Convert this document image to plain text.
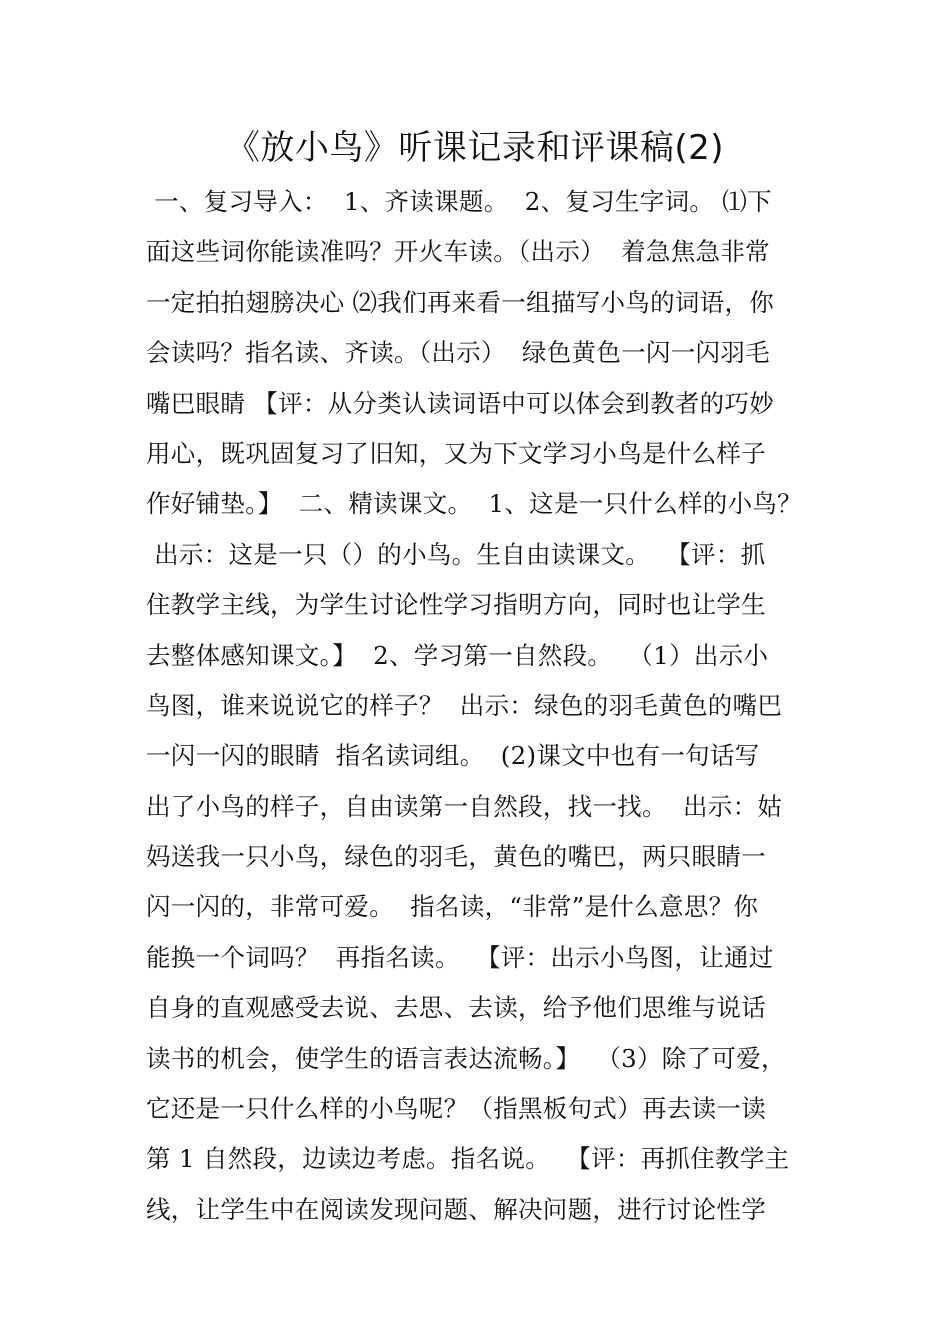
《放小鸟》听课记录和评课稿(2)
一、复习导入：  1、齐读课题。  2、复习生字词。 ⑴下
面这些词你能读准吗？开火车读。（出示）  着急焦急非常
一定拍拍翅膀决心 ⑵我们再来看一组描写小鸟的词语，你
会读吗？指名读、齐读。（出示）  绿色黄色一闪一闪羽毛
嘴巴眼睛 【评：从分类认读词语中可以体会到教者的巧妙
用心，既巩固复习了旧知，又为下文学习小鸟是什么样子
作好铺垫。】  二、精读课文。  1、这是一只什么样的小鸟？
出示：这是一只（）的小鸟。生自由读课文。  【评：抓
住教学主线，为学生讨论性学习指明方向，同时也让学生
去整体感知课文。】  2、学习第一自然段。  （1）出示小
鸟图，谁来说说它的样子？  出示：绿色的羽毛黄色的嘴巴
一闪一闪的眼睛  指名读词组。  (2)课文中也有一句话写
出了小鸟的样子，自由读第一自然段，找一找。  出示：姑
妈送我一只小鸟，绿色的羽毛，黄色的嘴巴，两只眼睛一
闪一闪的，非常可爱。  指名读，“非常”是什么意思？你
能换一个词吗？  再指名读。  【评：出示小鸟图，让通过
自身的直观感受去说、去思、去读，给予他们思维与说话
读书的机会，使学生的语言表达流畅。】  （3）除了可爱，
它还是一只什么样的小鸟呢？（指黑板句式）再去读一读
第 1 自然段，边读边考虑。指名说。  【评：再抓住教学主
线，让学生中在阅读发现问题、解决问题，进行讨论性学
